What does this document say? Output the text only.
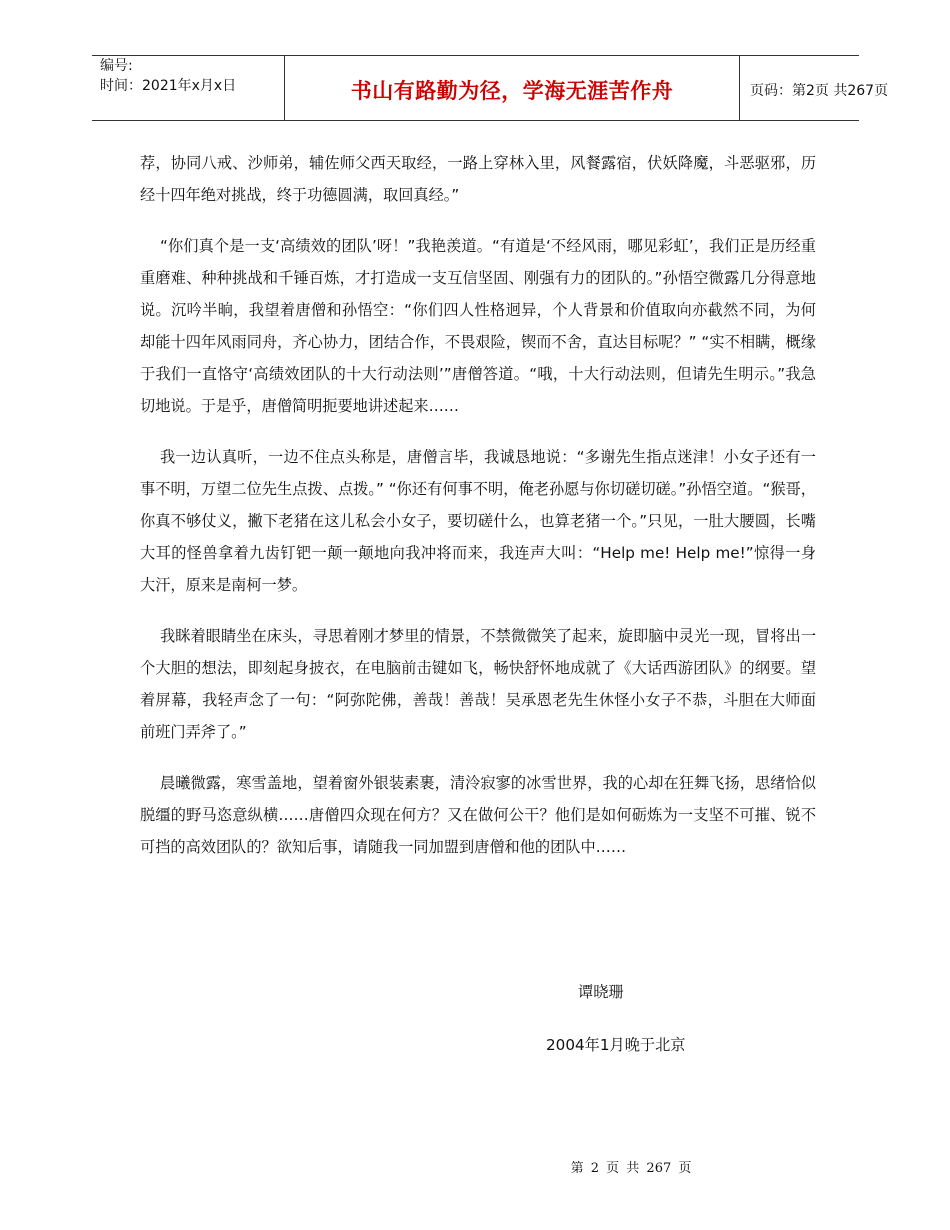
编号:
时间：2021年x月x日	书山有路勤为径，学海无涯苦作舟	页码：第2页 共267页

荐，协同八戒、沙师弟，辅佐师父西天取经，一路上穿林入里，风餐露宿，伏妖降魔，斗恶驱邪，历经十四年绝对挑战，终于功德圆满，取回真经。”

“你们真个是一支‘高绩效的团队’呀！”我艳羡道。“有道是‘不经风雨，哪见彩虹’，我们正是历经重重磨难、种种挑战和千锤百炼，才打造成一支互信坚固、刚强有力的团队的。”孙悟空微露几分得意地说。沉吟半晌，我望着唐僧和孙悟空：“你们四人性格迥异，个人背景和价值取向亦截然不同，为何却能十四年风雨同舟，齐心协力，团结合作，不畏艰险，锲而不舍，直达目标呢？” “实不相瞒，概缘于我们一直恪守‘高绩效团队的十大行动法则’”唐僧答道。“哦，十大行动法则，但请先生明示。”我急切地说。于是乎，唐僧简明扼要地讲述起来……

我一边认真听，一边不住点头称是，唐僧言毕，我诚恳地说：“多谢先生指点迷津！小女子还有一事不明，万望二位先生点拨、点拨。” “你还有何事不明，俺老孙愿与你切磋切磋。”孙悟空道。“猴哥，你真不够仗义，撇下老猪在这儿私会小女子，要切磋什么，也算老猪一个。”只见，一肚大腰圆，长嘴大耳的怪兽拿着九齿钉钯一颠一颠地向我冲将而来，我连声大叫：“Help me! Help me!”惊得一身大汗，原来是南柯一梦。

我眯着眼睛坐在床头，寻思着刚才梦里的情景，不禁微微笑了起来，旋即脑中灵光一现，冒将出一个大胆的想法，即刻起身披衣，在电脑前击键如飞，畅快舒怀地成就了《大话西游团队》的纲要。望着屏幕，我轻声念了一句：“阿弥陀佛，善哉！善哉！吴承恩老先生休怪小女子不恭，斗胆在大师面前班门弄斧了。”

晨曦微露，寒雪盖地，望着窗外银装素裹，清泠寂寥的冰雪世界，我的心却在狂舞飞扬，思绪恰似脱缰的野马恣意纵横……唐僧四众现在何方？又在做何公干？他们是如何砺炼为一支坚不可摧、锐不可挡的高效团队的？欲知后事，请随我一同加盟到唐僧和他的团队中……

谭晓珊
2004年1月晚于北京
第 2 页 共 267 页
